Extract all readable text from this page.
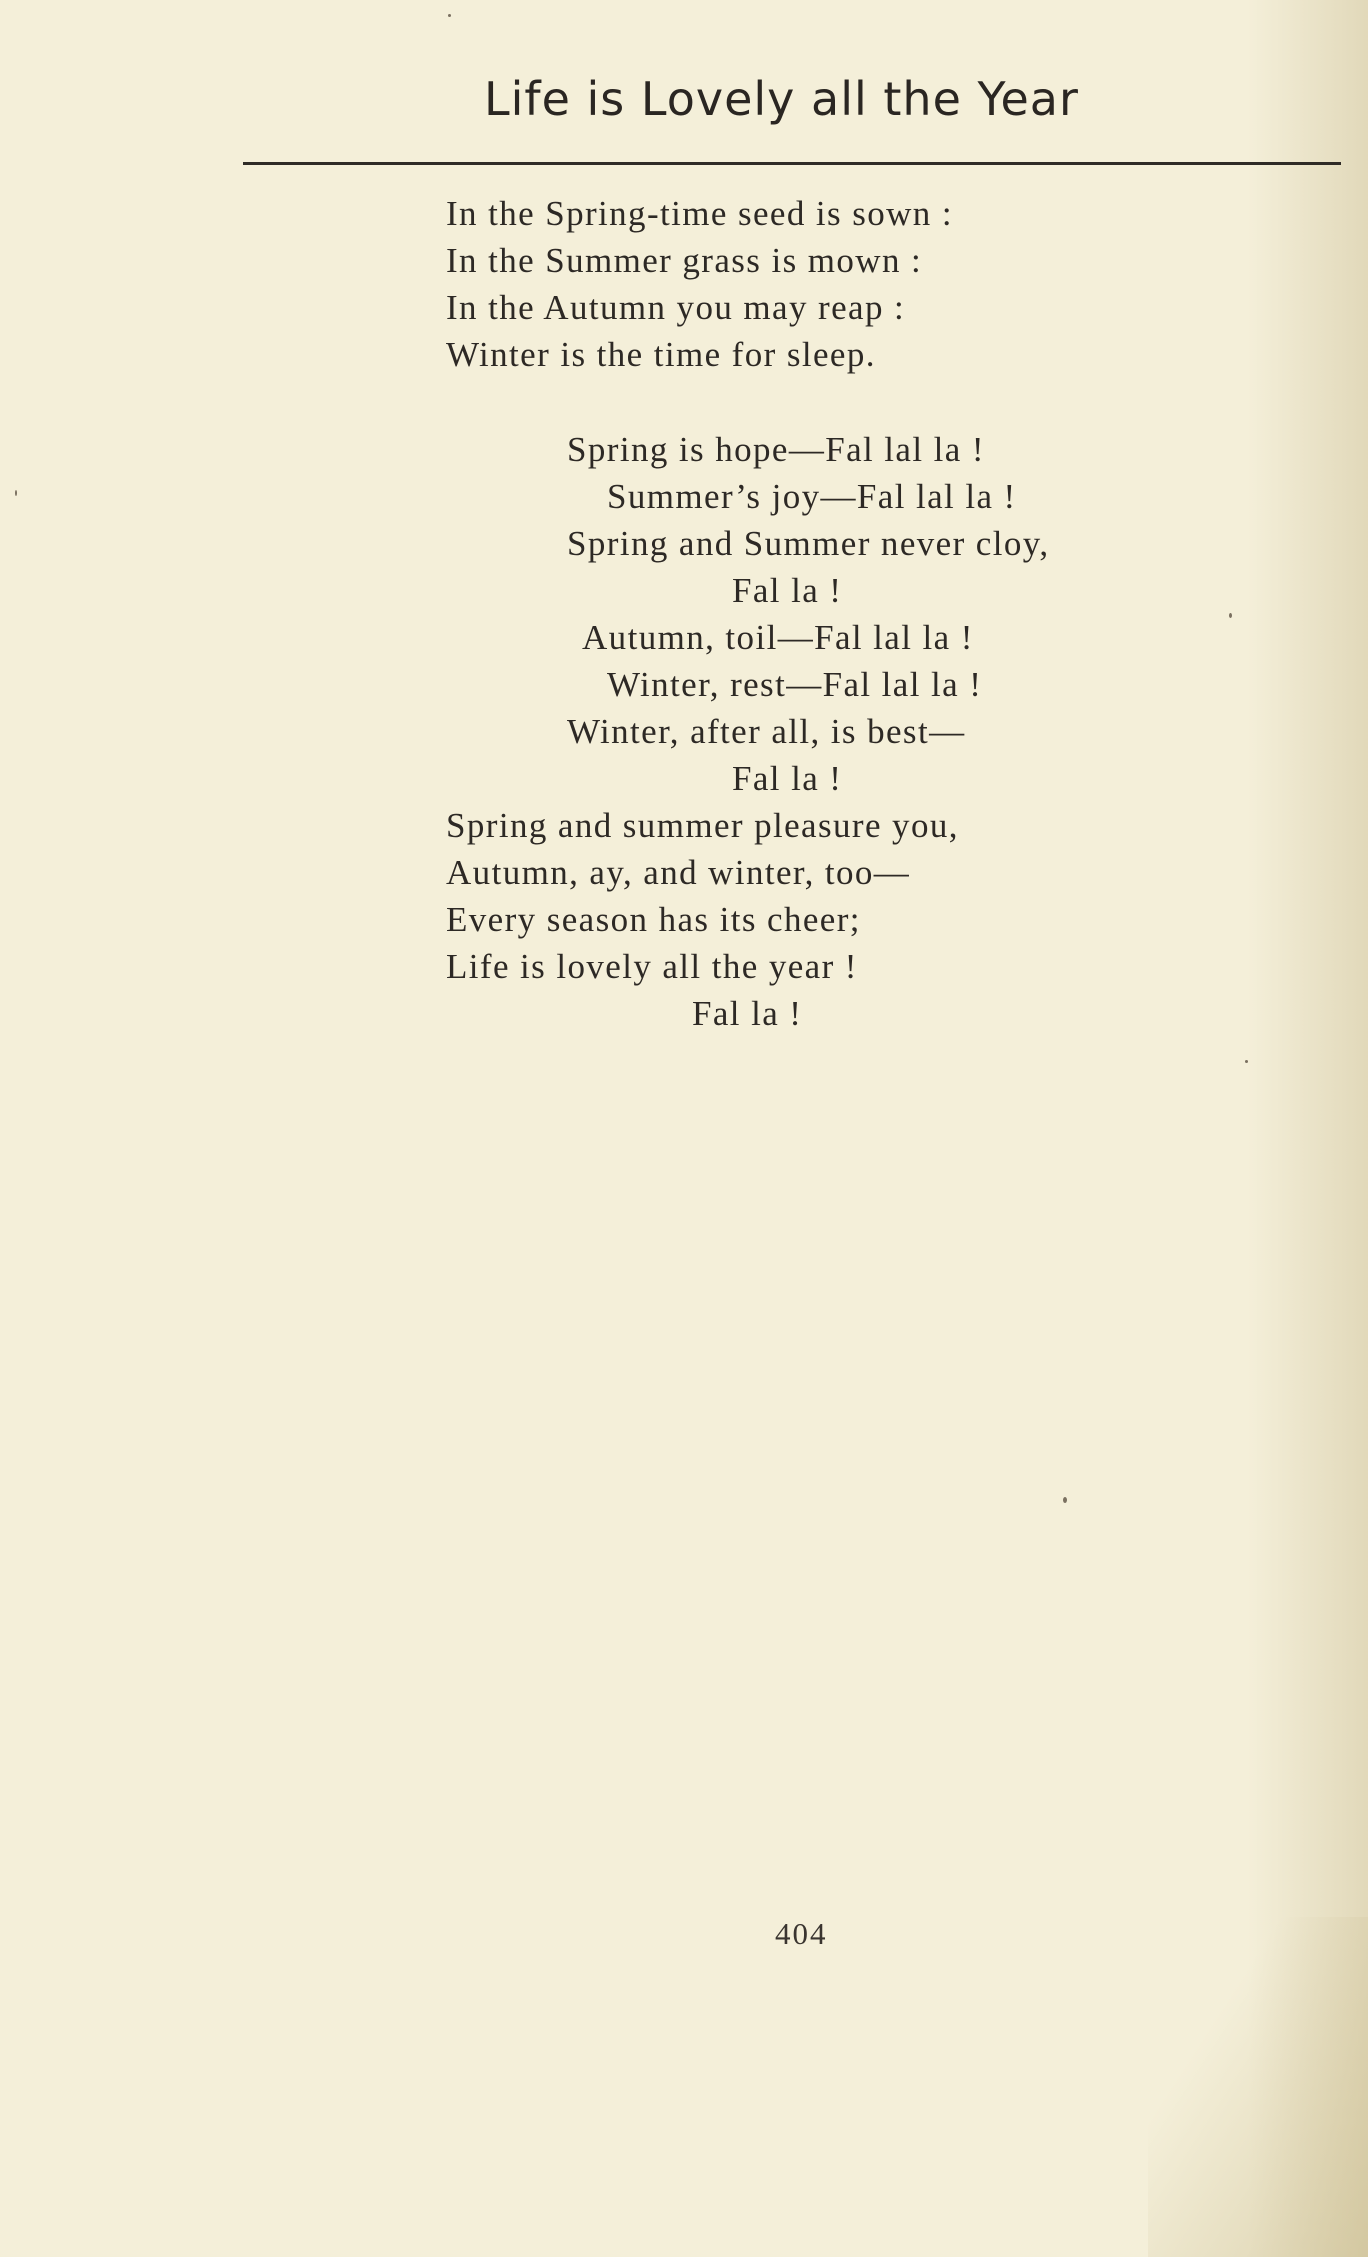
Life is Lovely all the Year
In the Spring-time seed is sown :
In the Summer grass is mown :
In the Autumn you may reap :
Winter is the time for sleep.
Spring is hope—Fal lal la !
Summer’s joy—Fal lal la !
Spring and Summer never cloy,
Fal la !
Autumn, toil—Fal lal la !
Winter, rest—Fal lal la !
Winter, after all, is best—
Fal la !
Spring and summer pleasure you,
Autumn, ay, and winter, too—
Every season has its cheer;
Life is lovely all the year !
Fal la !
404
